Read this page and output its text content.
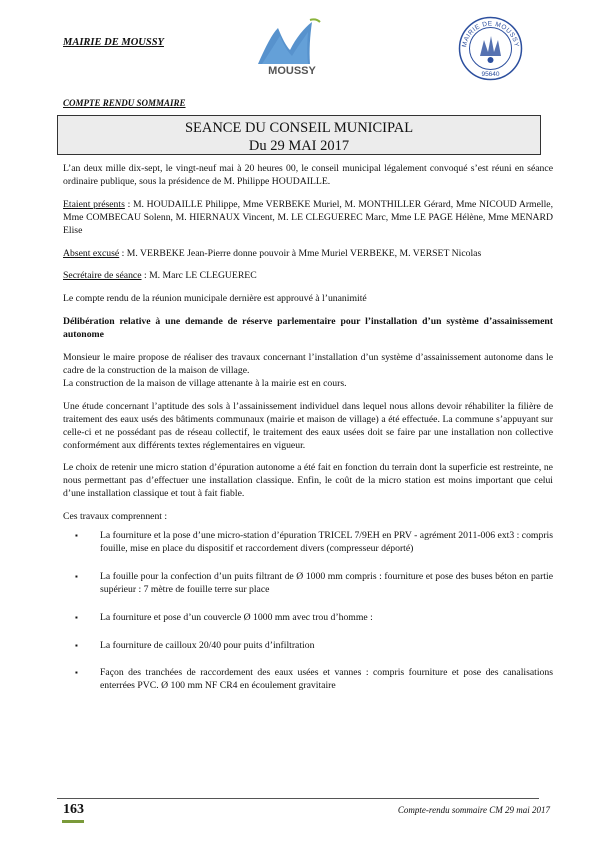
MAIRIE DE MOUSSY
MOUSSY
MAIRIE DE MOUSSY
95640
COMPTE RENDU SOMMAIRE
SEANCE DU CONSEIL MUNICIPAL
Du 29 MAI 2017

L’an deux mille dix-sept, le vingt-neuf mai à 20 heures 00, le conseil municipal légalement convoqué s’est réuni en séance ordinaire publique, sous la présidence de M. Philippe HOUDAILLE.

Etaient présents : M. HOUDAILLE Philippe, Mme VERBEKE Muriel, M. MONTHILLER Gérard, Mme NICOUD Armelle, Mme COMBECAU Solenn, M. HIERNAUX Vincent, M. LE CLEGUEREC Marc, Mme LE PAGE Hélène, Mme MENARD Elise

Absent excusé : M. VERBEKE Jean-Pierre donne pouvoir à Mme Muriel VERBEKE, M. VERSET Nicolas

Secrétaire de séance : M. Marc LE CLEGUEREC

Le compte rendu de la réunion municipale dernière est approuvé à l’unanimité

Délibération relative à une demande de réserve parlementaire pour l’installation d’un système d’assainissement autonome

Monsieur le maire propose de réaliser des travaux concernant l’installation d’un système d’assainissement autonome dans le cadre de la construction de la maison de village.
La construction de la maison de village attenante à la mairie est en cours.

Une étude concernant l’aptitude des sols à l’assainissement individuel dans lequel nous allons devoir réhabiliter la filière de traitement des eaux usés des bâtiments communaux (mairie et maison de village) a été effectuée. La commune s’appuyant sur celle-ci et ne possédant pas de réseau collectif, le traitement des eaux usées doit se faire par une installation non collective conformément aux différents textes réglementaires en vigueur.

Le choix de retenir une micro station d’épuration autonome a été fait en fonction du terrain dont la superficie est restreinte, ne nous permettant pas d’effectuer une installation classique. Enfin, le coût de la micro station est moins important que celui d’une installation classique et tout à fait fiable.

Ces travaux comprennent :

▪ La fourniture et la pose d’une micro-station d’épuration TRICEL 7/9EH en PRV - agrément 2011-006 ext3 : compris fouille, mise en place du dispositif et raccordement divers (compresseur déporté)
▪ La fouille pour la confection d’un puits filtrant de Ø 1000 mm compris : fourniture et pose des buses béton en partie supérieur : 7 mètre de fouille terre sur place
▪ La fourniture et pose d’un couvercle Ø 1000 mm avec trou d’homme :
▪ La fourniture de cailloux 20/40 pour puits d’infiltration
▪ Façon des tranchées de raccordement des eaux usées et vannes : compris fourniture et pose des canalisations enterrées PVC. Ø 100 mm NF CR4 en écoulement gravitaire
163	Compte-rendu sommaire CM 29 mai 2017
